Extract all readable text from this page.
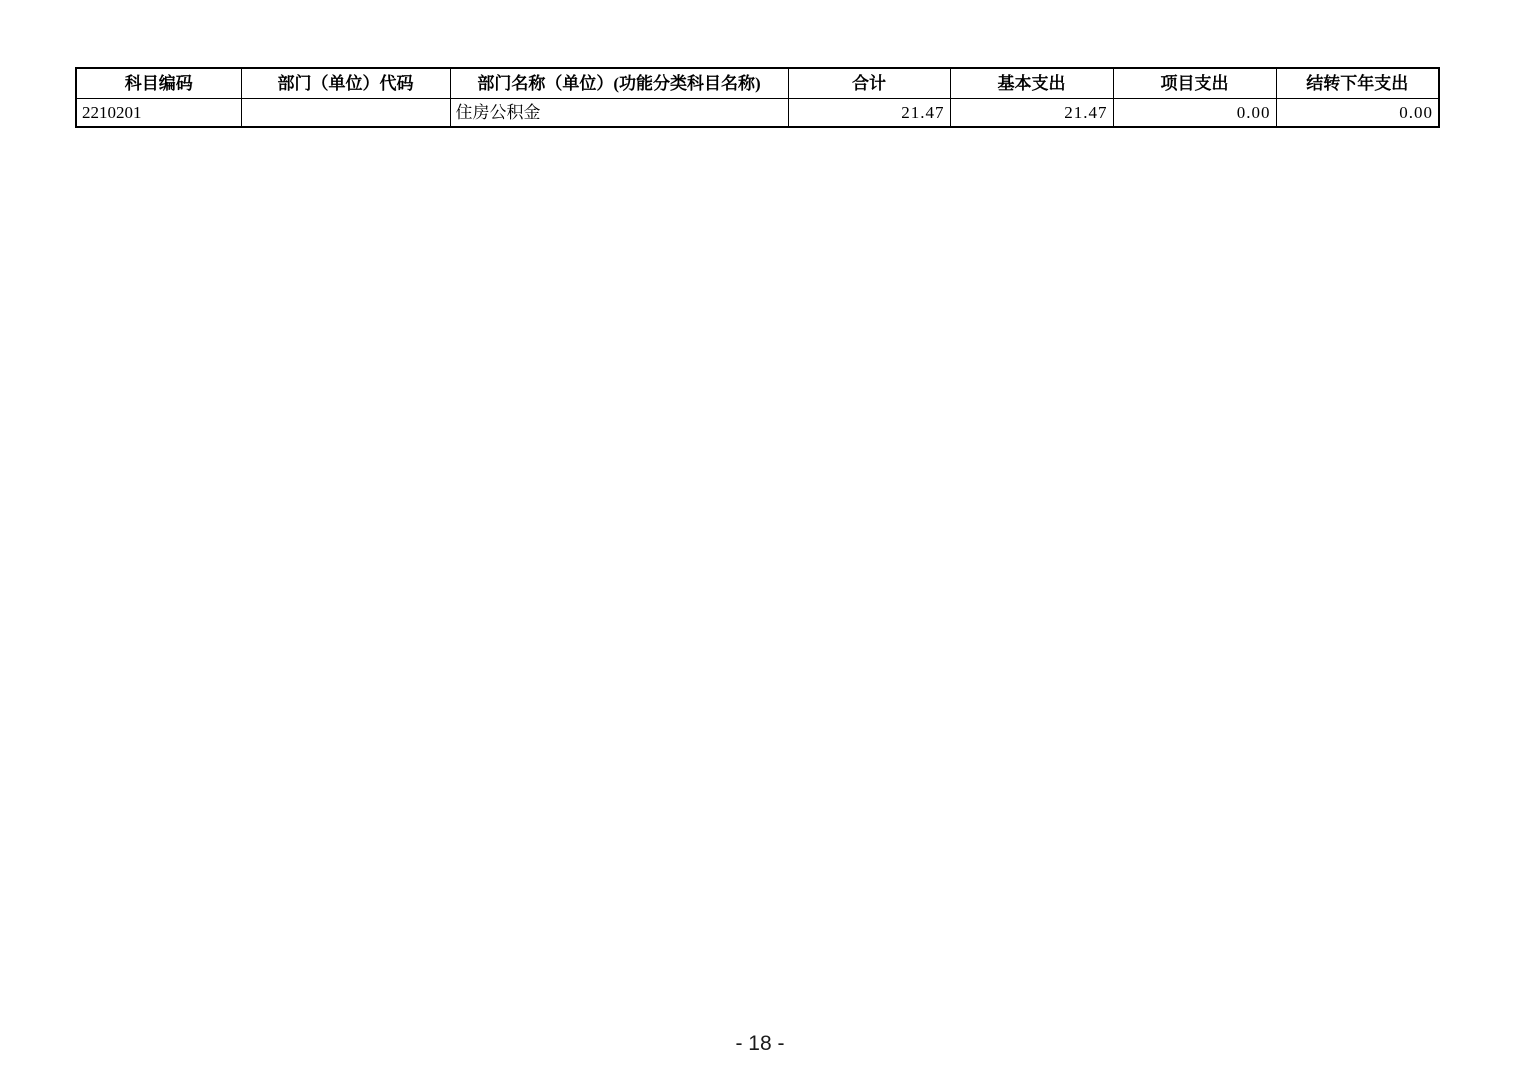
科目编码	部门（单位）代码	部门名称（单位）(功能分类科目名称)	合计	基本支出	项目支出	结转下年支出
2210201		住房公积金	21.47	21.47	0.00	0.00
- 18 -
